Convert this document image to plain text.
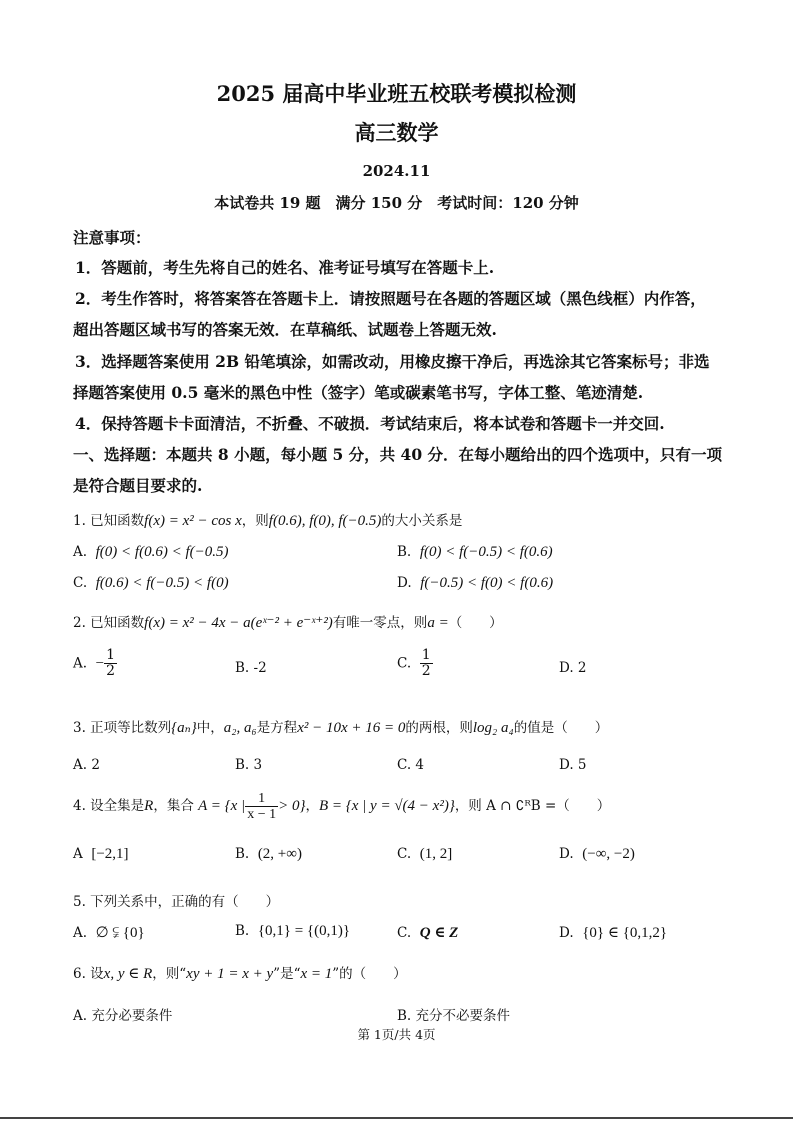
2025 届高中毕业班五校联考模拟检测
高三数学
2024.11
本试卷共 19 题　满分 150 分　考试时间：120 分钟
注意事项：
1．答题前，考生先将自己的姓名、准考证号填写在答题卡上.
2．考生作答时，将答案答在答题卡上．请按照题号在各题的答题区域（黑色线框）内作答，
超出答题区域书写的答案无效．在草稿纸、试题卷上答题无效.
3．选择题答案使用 2B 铅笔填涂，如需改动，用橡皮擦干净后，再选涂其它答案标号；非选
择题答案使用 0.5 毫米的黑色中性（签字）笔或碳素笔书写，字体工整、笔迹清楚.
4．保持答题卡卡面清洁，不折叠、不破损．考试结束后，将本试卷和答题卡一并交回.
一、选择题：本题共 8 小题，每小题 5 分，共 40 分．在每小题给出的四个选项中，只有一项
是符合题目要求的.
1. 已知函数f(x) = x² − cos x，则f(0.6), f(0), f(−0.5)的大小关系是
A. f(0) < f(0.6) < f(−0.5)	B. f(0) < f(−0.5) < f(0.6)
C. f(0.6) < f(−0.5) < f(0)	D. f(−0.5) < f(0) < f(0.6)
2. 已知函数f(x) = x² − 4x − a(eˣ⁻² + e⁻ˣ⁺²)有唯一零点，则a =（　　）
A. − $\frac{1}{2}$	B. -2	C. $\frac{1}{2}$	D. 2
3. 正项等比数列{aₙ}中，a₂, a₆是方程x² − 10x + 16 = 0的两根，则log₂ a₄的值是（　　）
A. 2	B. 3	C. 4	D. 5
4. 设全集是R，集合 A = {x | $\frac{1}{x - 1} > 0$}，B = {x | y = √(4 − x²)}，则 A ∩ ∁ᴿB =（　　）
A [−2,1]	B. (2, +∞)	C. (1, 2]	D. (−∞, −2)
5. 下列关系中，正确的有（　　）
A. ∅ ⫋ {0}	B. {0,1} = {(0,1)}	C. Q ∈ Z	D. {0} ∈ {0,1,2}
6. 设x, y ∈ R，则“xy + 1 = x + y”是“x = 1”的（　　）
A. 充分必要条件	B. 充分不必要条件
第 1页/共 4页
